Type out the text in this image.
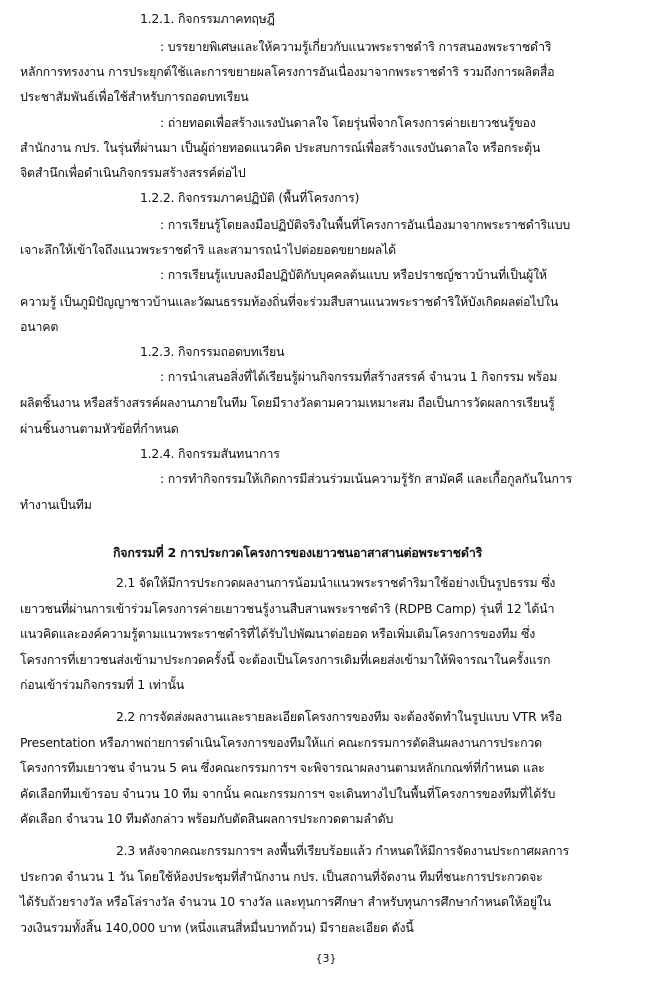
1.2.1. กิจกรรมภาคทฤษฎี
: บรรยายพิเศษและให้ความรู้เกี่ยวกับแนวพระราชดำริ การสนองพระราชดำริ
หลักการทรงงาน การประยุกต์ใช้และการขยายผลโครงการอันเนื่องมาจากพระราชดำริ รวมถึงการผลิตสื่อ
ประชาสัมพันธ์เพื่อใช้สำหรับการถอดบทเรียน
: ถ่ายทอดเพื่อสร้างแรงบันดาลใจ โดยรุ่นพี่จากโครงการค่ายเยาวชนรู้ของ
สำนักงาน กปร. ในรุ่นที่ผ่านมา เป็นผู้ถ่ายทอดแนวคิด ประสบการณ์เพื่อสร้างแรงบันดาลใจ หรือกระตุ้น
จิตสำนึกเพื่อดำเนินกิจกรรมสร้างสรรค์ต่อไป
1.2.2. กิจกรรมภาคปฏิบัติ (พื้นที่โครงการ)
: การเรียนรู้โดยลงมือปฏิบัติจริงในพื้นที่โครงการอันเนื่องมาจากพระราชดำริแบบ
เจาะลึกให้เข้าใจถึงแนวพระราชดำริ และสามารถนำไปต่อยอดขยายผลได้
: การเรียนรู้แบบลงมือปฏิบัติกับบุคคลต้นแบบ หรือปราชญ์ชาวบ้านที่เป็นผู้ให้
ความรู้ เป็นภูมิปัญญาชาวบ้านและวัฒนธรรมท้องถิ่นที่จะร่วมสืบสานแนวพระราชดำริให้บังเกิดผลต่อไปใน
อนาคต
1.2.3. กิจกรรมถอดบทเรียน
: การนำเสนอสิ่งที่ได้เรียนรู้ผ่านกิจกรรมที่สร้างสรรค์ จำนวน 1 กิจกรรม พร้อม
ผลิตชิ้นงาน หรือสร้างสรรค์ผลงานภายในทีม โดยมีรางวัลตามความเหมาะสม ถือเป็นการวัดผลการเรียนรู้
ผ่านชิ้นงานตามหัวข้อที่กำหนด
1.2.4. กิจกรรมสันทนาการ
: การทำกิจกรรมให้เกิดการมีส่วนร่วมเน้นความรู้รัก สามัคคี และเกื้อกูลกันในการ
ทำงานเป็นทีม
กิจกรรมที่ 2 การประกวดโครงการของเยาวชนอาสาสานต่อพระราชดำริ
2.1 จัดให้มีการประกวดผลงานการน้อมนำแนวพระราชดำริมาใช้อย่างเป็นรูปธรรม ซึ่ง
เยาวชนที่ผ่านการเข้าร่วมโครงการค่ายเยาวชนรู้งานสืบสานพระราชดำริ (RDPB Camp) รุ่นที่ 12 ได้นำ
แนวคิดและองค์ความรู้ตามแนวพระราชดำริที่ได้รับไปพัฒนาต่อยอด หรือเพิ่มเติมโครงการของทีม ซึ่ง
โครงการที่เยาวชนส่งเข้ามาประกวดครั้งนี้ จะต้องเป็นโครงการเดิมที่เคยส่งเข้ามาให้พิจารณาในครั้งแรก
ก่อนเข้าร่วมกิจกรรมที่ 1 เท่านั้น
2.2 การจัดส่งผลงานและรายละเอียดโครงการของทีม จะต้องจัดทำในรูปแบบ VTR หรือ
Presentation หรือภาพถ่ายการดำเนินโครงการของทีมให้แก่ คณะกรรมการตัดสินผลงานการประกวด
โครงการทีมเยาวชน จำนวน 5 คน ซึ่งคณะกรรมการฯ จะพิจารณาผลงานตามหลักเกณฑ์ที่กำหนด และ
คัดเลือกทีมเข้ารอบ จำนวน 10 ทีม จากนั้น คณะกรรมการฯ จะเดินทางไปในพื้นที่โครงการของทีมที่ได้รับ
คัดเลือก จำนวน 10 ทีมดังกล่าว พร้อมกับตัดสินผลการประกวดตามลำดับ
2.3 หลังจากคณะกรรมการฯ ลงพื้นที่เรียบร้อยแล้ว กำหนดให้มีการจัดงานประกาศผลการ
ประกวด จำนวน 1 วัน โดยใช้ห้องประชุมที่สำนักงาน กปร. เป็นสถานที่จัดงาน ทีมที่ชนะการประกวดจะ
ได้รับถ้วยรางวัล หรือโล่รางวัล จำนวน 10 รางวัล และทุนการศึกษา สำหรับทุนการศึกษากำหนดให้อยู่ใน
วงเงินรวมทั้งสิ้น 140,000 บาท (หนึ่งแสนสี่หมื่นบาทถ้วน) มีรายละเอียด ดังนี้
{3}
